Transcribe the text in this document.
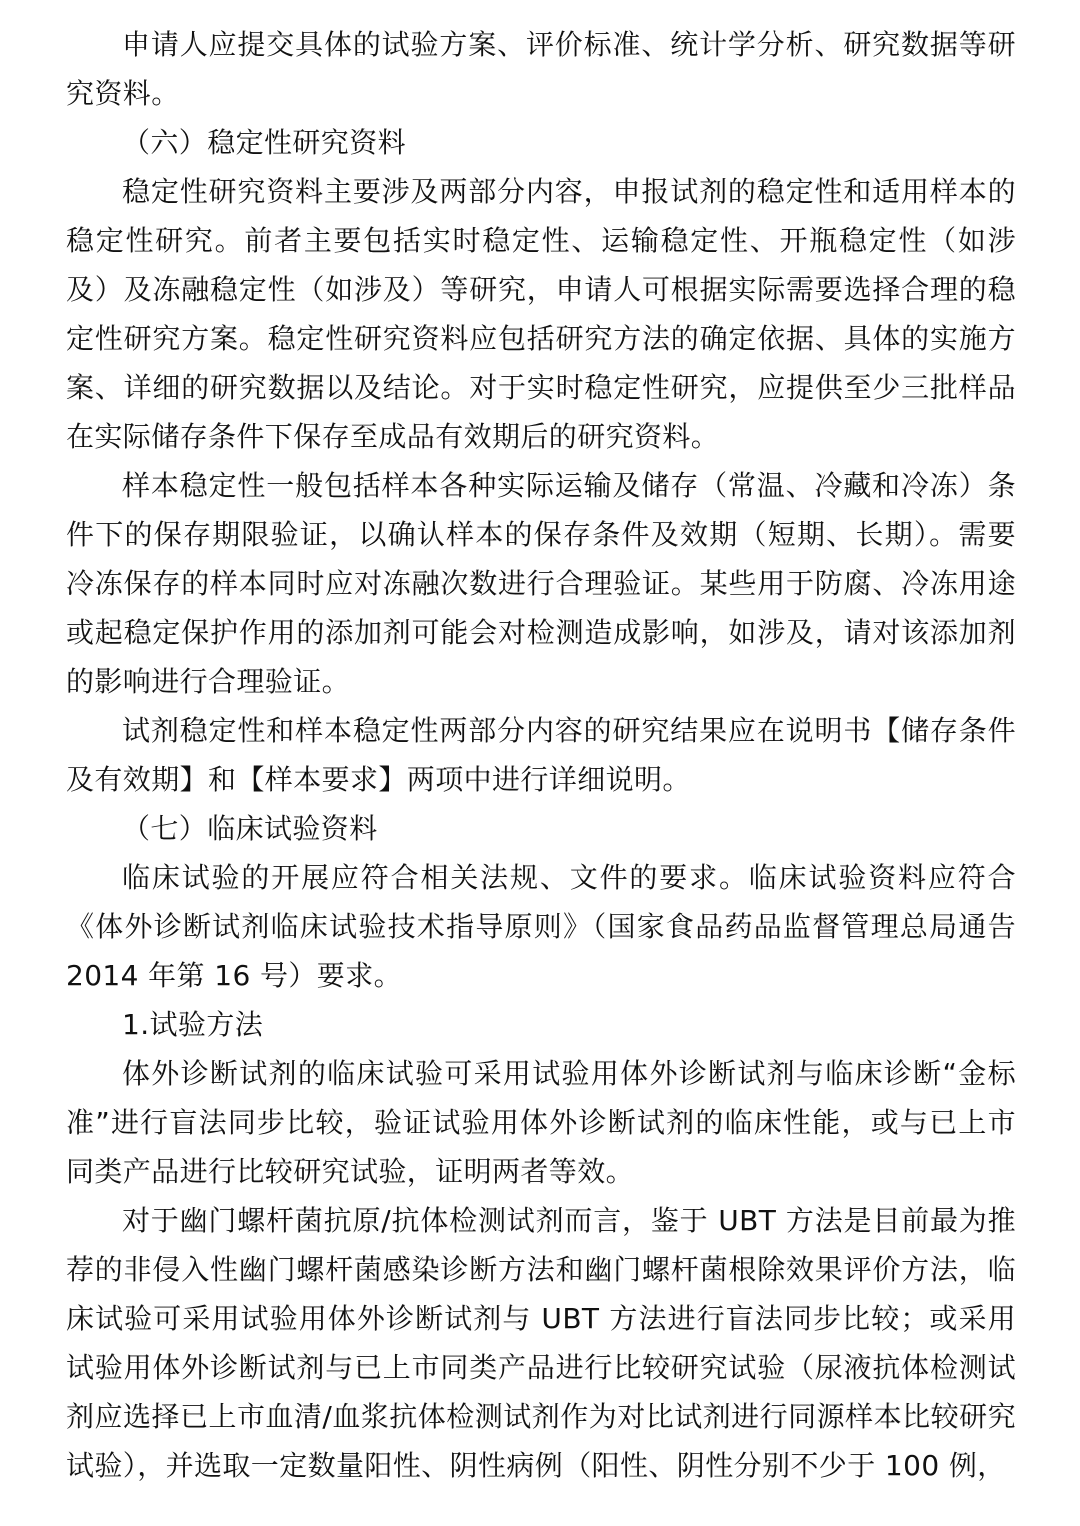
申请人应提交具体的试验方案、评价标准、统计学分析、研究数据等研究资料。

（六）稳定性研究资料

稳定性研究资料主要涉及两部分内容，申报试剂的稳定性和适用样本的稳定性研究。前者主要包括实时稳定性、运输稳定性、开瓶稳定性（如涉及）及冻融稳定性（如涉及）等研究，申请人可根据实际需要选择合理的稳定性研究方案。稳定性研究资料应包括研究方法的确定依据、具体的实施方案、详细的研究数据以及结论。对于实时稳定性研究，应提供至少三批样品在实际储存条件下保存至成品有效期后的研究资料。

样本稳定性一般包括样本各种实际运输及储存（常温、冷藏和冷冻）条件下的保存期限验证，以确认样本的保存条件及效期（短期、长期）。需要冷冻保存的样本同时应对冻融次数进行合理验证。某些用于防腐、冷冻用途或起稳定保护作用的添加剂可能会对检测造成影响，如涉及，请对该添加剂的影响进行合理验证。

试剂稳定性和样本稳定性两部分内容的研究结果应在说明书【储存条件及有效期】和【样本要求】两项中进行详细说明。

（七）临床试验资料

临床试验的开展应符合相关法规、文件的要求。临床试验资料应符合《体外诊断试剂临床试验技术指导原则》（国家食品药品监督管理总局通告 2014 年第 16 号）要求。

1.试验方法

体外诊断试剂的临床试验可采用试验用体外诊断试剂与临床诊断“金标准”进行盲法同步比较，验证试验用体外诊断试剂的临床性能，或与已上市同类产品进行比较研究试验，证明两者等效。

对于幽门螺杆菌抗原/抗体检测试剂而言，鉴于 UBT 方法是目前最为推荐的非侵入性幽门螺杆菌感染诊断方法和幽门螺杆菌根除效果评价方法，临床试验可采用试验用体外诊断试剂与 UBT 方法进行盲法同步比较；或采用试验用体外诊断试剂与已上市同类产品进行比较研究试验（尿液抗体检测试剂应选择已上市血清/血浆抗体检测试剂作为对比试剂进行同源样本比较研究试验），并选取一定数量阳性、阴性病例（阳性、阴性分别不少于 100 例，
